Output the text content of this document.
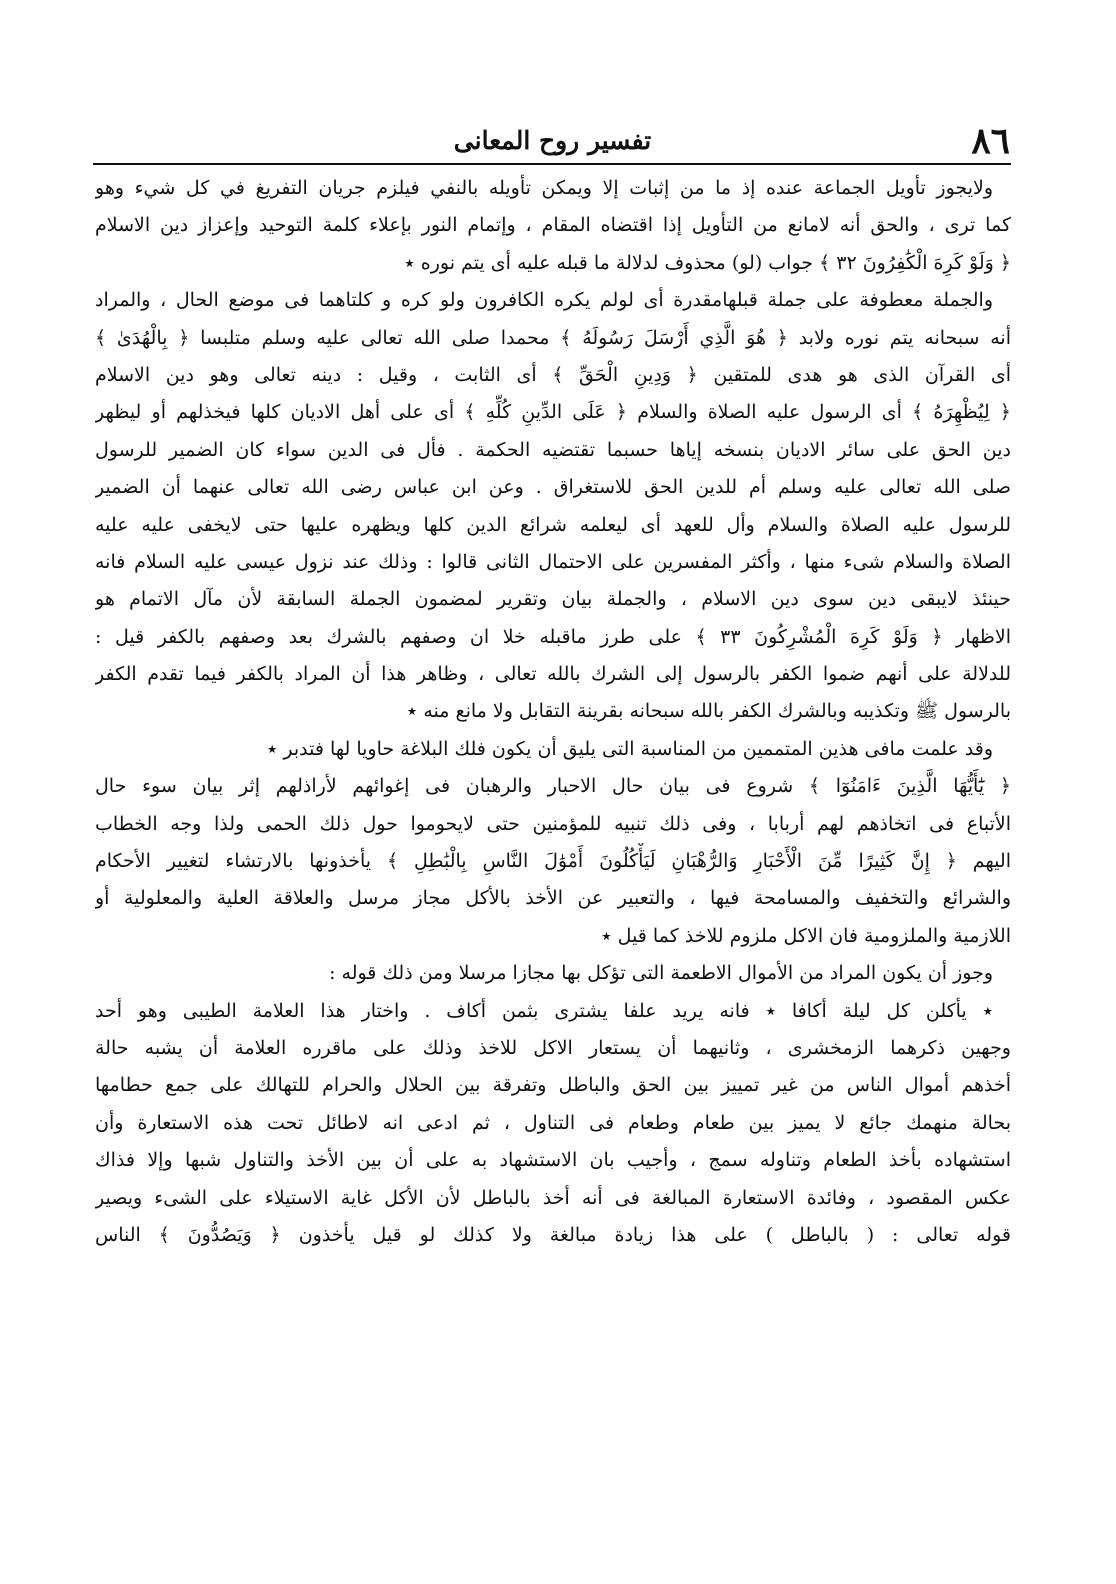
٨٦
تفسير روح المعانى
ولايجوز تأويل الجماعة عنده إذ ما من إثبات إلا ويمكن تأويله بالنفي فيلزم جريان التفريغ في كل شيء وهو
كما ترى ، والحق أنه لامانع من التأويل إذا اقتضاه المقام ، وإتمام النور بإعلاء كلمة التوحيد وإعزاز دين الاسلام
﴿ وَلَوْ كَرِهَ الْكَٰفِرُونَ ٣٢ ﴾ جواب (لو) محذوف لدلالة ما قبله عليه أى يتم نوره ٭
والجملة معطوفة على جملة قبلهامقدرة أى لولم يكره الكافرون ولو كره و كلتاهما فى موضع الحال ، والمراد
أنه سبحانه يتم نوره ولابد ﴿ هُوَ الَّذِي أَرْسَلَ رَسُولَهُ ﴾ محمدا صلى الله تعالى عليه وسلم متلبسا ﴿ بِالْهُدَىٰ ﴾
أى القرآن الذى هو هدى للمتقين ﴿ وَدِينِ الْحَقِّ ﴾ أى الثابت ، وقيل : دينه تعالى وهو دين الاسلام
﴿ لِيُظْهِرَهُ ﴾ أى الرسول عليه الصلاة والسلام ﴿ عَلَى الدِّينِ كُلِّهِ ﴾ أى على أهل الاديان كلها فيخذلهم أو ليظهر
دين الحق على سائر الاديان بنسخه إياها حسبما تقتضيه الحكمة . فأل فى الدين سواء كان الضمير للرسول
صلى الله تعالى عليه وسلم أم للدين الحق للاستغراق . وعن ابن عباس رضى الله تعالى عنهما أن الضمير
للرسول عليه الصلاة والسلام وأل للعهد أى ليعلمه شرائع الدين كلها ويظهره عليها حتى لايخفى عليه عليه
الصلاة والسلام شىء منها ، وأكثر المفسرين على الاحتمال الثانى قالوا : وذلك عند نزول عيسى عليه السلام فانه
حينئذ لايبقى دين سوى دين الاسلام ، والجملة بيان وتقرير لمضمون الجملة السابقة لأن مآل الاتمام هو
الاظهار ﴿ وَلَوْ كَرِهَ الْمُشْرِكُونَ ٣٣ ﴾ على طرز ماقبله خلا ان وصفهم بالشرك بعد وصفهم بالكفر قيل :
للدلالة على أنهم ضموا الكفر بالرسول إلى الشرك بالله تعالى ، وظاهر هذا أن المراد بالكفر فيما تقدم الكفر
بالرسول ﷺ وتكذيبه وبالشرك الكفر بالله سبحانه بقرينة التقابل ولا مانع منه ٭
وقد علمت مافى هذين المتممين من المناسبة التى يليق أن يكون فلك البلاغة حاويا لها فتدبر ٭
﴿ يَٰٓأَيُّهَا الَّذِينَ ءَامَنُوٓا ﴾ شروع فى بيان حال الاحبار والرهبان فى إغوائهم لأراذلهم إثر بيان سوء حال
الأتباع فى اتخاذهم لهم أربابا ، وفى ذلك تنبيه للمؤمنين حتى لايحوموا حول ذلك الحمى ولذا وجه الخطاب
اليهم ﴿ إِنَّ كَثِيرًا مِّنَ الْأَحْبَارِ وَالرُّهْبَانِ لَيَأْكُلُونَ أَمْوَٰلَ النَّاسِ بِالْبَٰطِلِ ﴾ يأخذونها بالارتشاء لتغيير الأحكام
والشرائع والتخفيف والمسامحة فيها ، والتعبير عن الأخذ بالأكل مجاز مرسل والعلاقة العلية والمعلولية أو
اللازمية والملزومية فان الاكل ملزوم للاخذ كما قيل ٭
وجوز أن يكون المراد من الأموال الاطعمة التى تؤكل بها مجازا مرسلا ومن ذلك قوله :
٭ يأكلن كل ليلة أكافا ٭ فانه يريد علفا يشترى بثمن أكاف . واختار هذا العلامة الطيبى وهو أحد
وجهين ذكرهما الزمخشرى ، وثانيهما أن يستعار الاكل للاخذ وذلك على ماقرره العلامة أن يشبه حالة
أخذهم أموال الناس من غير تمييز بين الحق والباطل وتفرقة بين الحلال والحرام للتهالك على جمع حطامها
بحالة منهمك جائع لا يميز بين طعام وطعام فى التناول ، ثم ادعى انه لاطائل تحت هذه الاستعارة وأن
استشهاده بأخذ الطعام وتناوله سمج ، وأجيب بان الاستشهاد به على أن بين الأخذ والتناول شبها وإلا فذاك
عكس المقصود ، وفائدة الاستعارة المبالغة فى أنه أخذ بالباطل لأن الأكل غاية الاستيلاء على الشىء ويصير
قوله تعالى : ( بالباطل ) على هذا زيادة مبالغة ولا كذلك لو قيل يأخذون ﴿ وَيَصُدُّونَ ﴾ الناس
